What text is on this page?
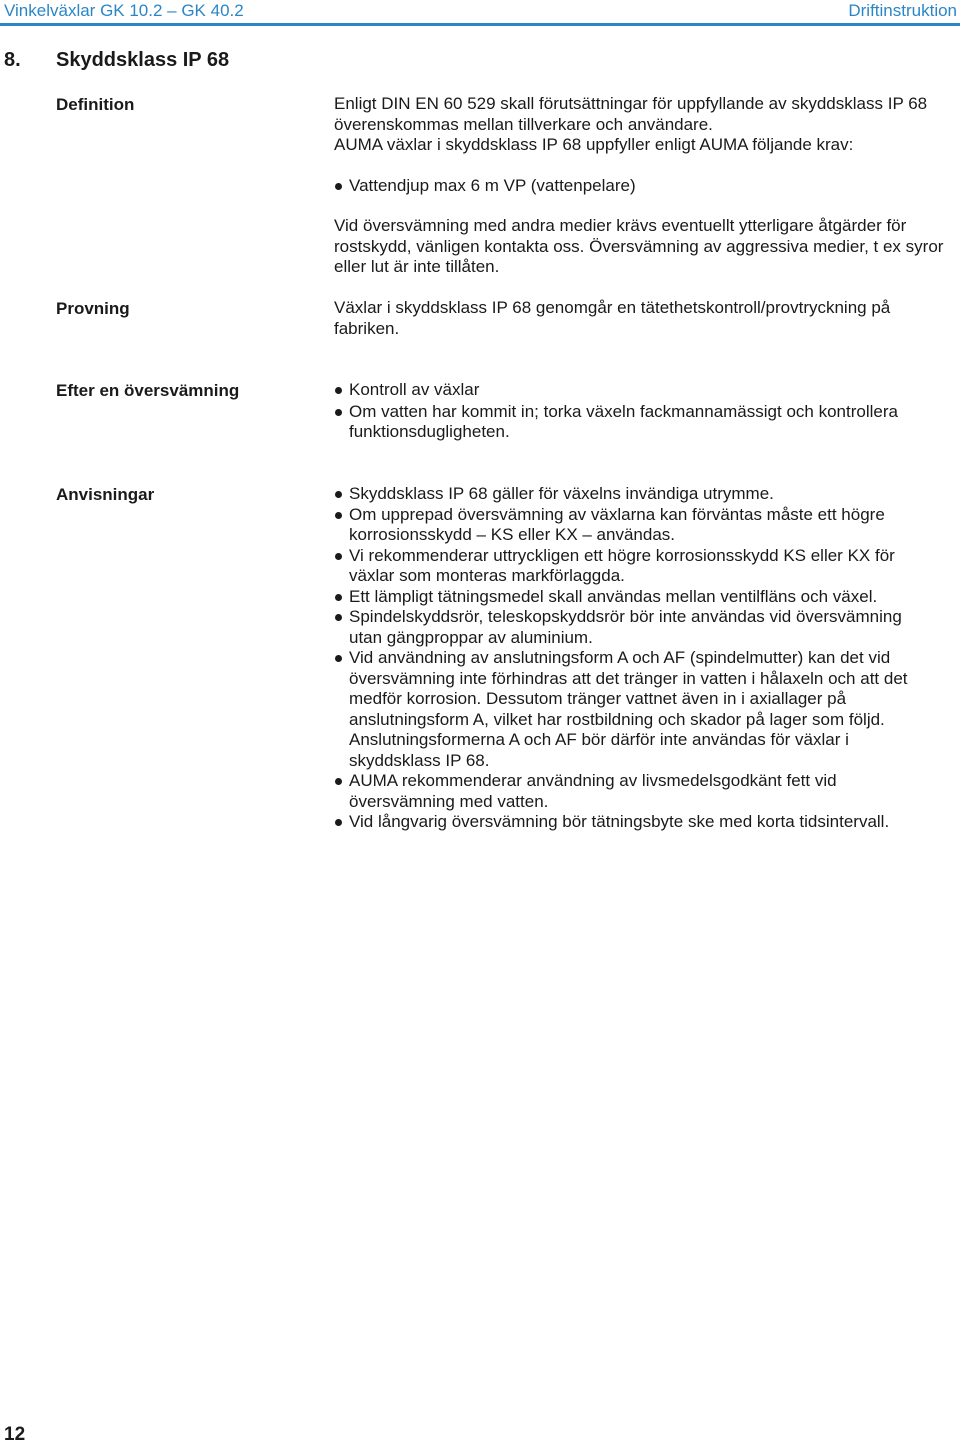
Vinkelväxlar GK 10.2 – GK 40.2	Driftinstruktion
8. Skyddsklass IP 68
Definition	Enligt DIN EN 60 529 skall förutsättningar för uppfyllande av skyddsklass IP 68 överenskommas mellan tillverkare och användare.

AUMA växlar i skyddsklass IP 68 uppfyller enligt AUMA följande krav:

Vattendjup max 6 m VP (vattenpelare)

Vid översvämning med andra medier krävs eventuellt ytterligare åtgärder för rostskydd, vänligen kontakta oss. Översvämning av aggressiva medier, t ex syror eller lut är inte tillåten.

Provning	Växlar i skyddsklass IP 68 genomgår en tätethetskontroll/provtryckning på fabriken.

Efter en översvämning	Kontroll av växlar
Om vatten har kommit in; torka växeln fackmannamässigt och kontrollera funktionsdugligheten.
Anvisningar	Skyddsklass IP 68 gäller för växelns invändiga utrymme.
Om upprepad översvämning av växlarna kan förväntas måste ett högre korrosionsskydd – KS eller KX – användas.
Vi rekommenderar uttryckligen ett högre korrosionsskydd KS eller KX för växlar som monteras markförlaggda.
Ett lämpligt tätningsmedel skall användas mellan ventilfläns och växel.
Spindelskyddsrör, teleskopskyddsrör bör inte användas vid översvämning utan gängproppar av aluminium.
Vid användning av anslutningsform A och AF (spindelmutter) kan det vid översvämning inte förhindras att det tränger in vatten i hålaxeln och att det medför korrosion. Dessutom tränger vattnet även in i axiallager på anslutningsform A, vilket har rostbildning och skador på lager som följd. Anslutningsformerna A och AF bör därför inte användas för växlar i skyddsklass IP 68.
AUMA rekommenderar användning av livsmedelsgodkänt fett vid översvämning med vatten.
Vid långvarig översvämning bör tätningsbyte ske med korta tidsintervall.
12
